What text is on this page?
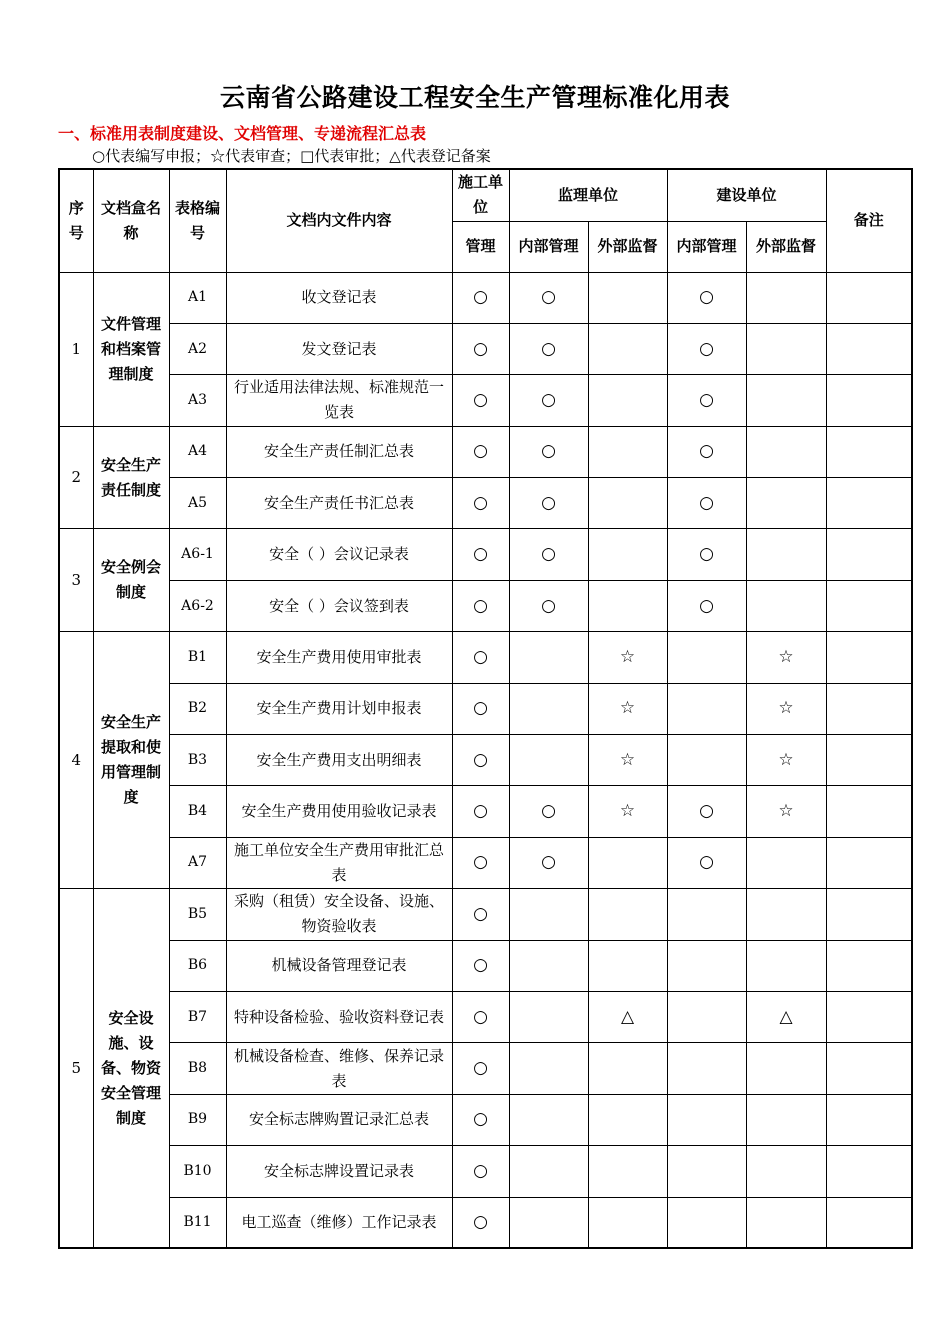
云南省公路建设工程安全生产管理标准化用表
一、标准用表制度建设、文档管理、专递流程汇总表
○代表编写申报；☆代表审查；□代表审批；△代表登记备案
序号	文档盒名称	表格编号	文档内文件内容	施工单位	监理单位		建设单位		备注
				管理	内部管理	外部监督	内部管理	外部监督	
1	文件管理和档案管理制度	A1	收文登记表	○	○		○		
		A2	发文登记表	○	○		○		
		A3	行业适用法律法规、标准规范一览表	○	○		○		
2	安全生产责任制度	A4	安全生产责任制汇总表	○	○		○		
		A5	安全生产责任书汇总表	○	○		○		
3	安全例会制度	A6-1	安全（ ）会议记录表	○	○		○		
		A6-2	安全（ ）会议签到表	○	○		○		
4	安全生产提取和使用管理制度	B1	安全生产费用使用审批表	○		☆		☆	
		B2	安全生产费用计划申报表	○		☆		☆	
		B3	安全生产费用支出明细表	○		☆		☆	
		B4	安全生产费用使用验收记录表	○	○	☆	○	☆	
		A7	施工单位安全生产费用审批汇总表	○	○		○		
5	安全设施、设备、物资安全管理制度	B5	采购（租赁）安全设备、设施、物资验收表	○					
		B6	机械设备管理登记表	○					
		B7	特种设备检验、验收资料登记表	○		△		△	
		B8	机械设备检查、维修、保养记录表	○					
		B9	安全标志牌购置记录汇总表	○					
		B10	安全标志牌设置记录表	○					
		B11	电工巡查（维修）工作记录表	○					
